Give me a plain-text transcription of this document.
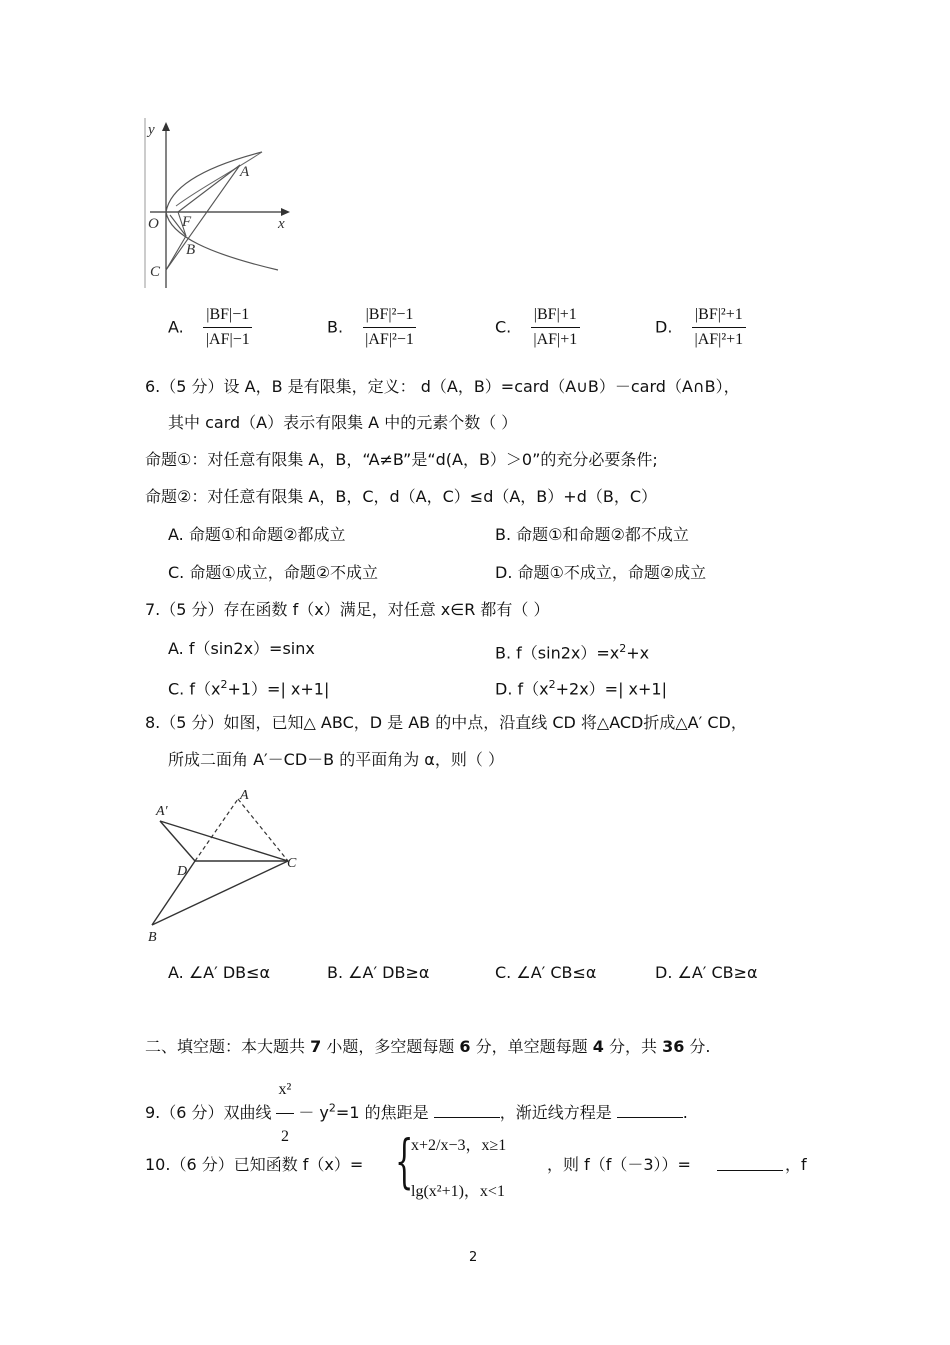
y
x
O F
A
B
C
A. $\frac{|BF|-1}{|AF|-1}$	B. $\frac{\text{|BF|²−1}}{\text{|AF|²−1}}$	C. $\frac{|BF|+1}{|AF|+1}$	D. $\frac{\text{|BF|²+1}}{\text{|AF|²+1}}$
6.（5 分）设 A，B 是有限集，定义： d（A，B）=card（A∪B）－card（A∩B），
其中 card（A）表示有限集 A 中的元素个数（ ）
命题①：对任意有限集 A，B，“A≠B”是“d(A，B）＞0”的充分必要条件;
命题②：对任意有限集 A，B，C，d（A，C）≤d（A，B）+d（B，C）
A. 命题①和命题②都成立	B. 命题①和命题②都不成立
C. 命题①成立，命题②不成立	D. 命题①不成立，命题②成立
7.（5 分）存在函数 f（x）满足，对任意 x∈R 都有（ ）
A. f（sin2x）=sinx	B. $f(\sin 2x)=x^2+x$
C. $f(x^2+1)=|$ x+1|	D. $f(x^2+2x)=|$ x+1|
8.（5 分）如图，已知△ ABC，D 是 AB 的中点，沿直线 CD 将△ACD折成△A′ CD，
所成二面角 A′－CD－B 的平面角为 α，则（ ）
A′
A
D
C
B
A. ∠A′ DB≤α	B. ∠A′ DB≥α	C. ∠A′ CB≤α	D. ∠A′ CB≥α
二、填空题：本大题共 7 小题，多空题每题 6 分，单空题每题 4 分，共 36 分.
9.（6 分）双曲线 $\frac{\text{x²}}{2} - y^2=1$ 的焦距是	，渐近线方程是	.
10.（6 分）已知函数 f（x）= {
x+2/x−3，x≥1
lg(x²+1)，x<1
，则 f（f（－3））=	，f
2
